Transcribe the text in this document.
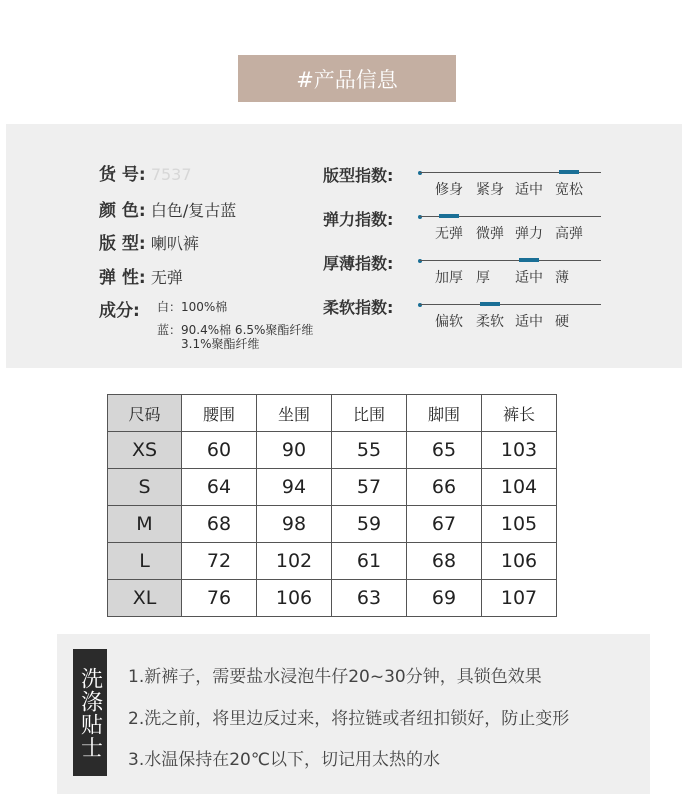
#产品信息
货 号: 7537
颜 色: 白色/复古蓝
版 型: 喇叭裤
弹 性: 无弹
成分: 白：100%棉
蓝：90.4%棉 6.5%聚酯纤维
3.1%聚酯纤维
版型指数:
修身 紧身 适中 宽松
弹力指数:
无弹 微弹 弹力 高弹
厚薄指数:
加厚 厚 适中 薄
柔软指数:
偏软 柔软 适中 硬
尺码	腰围	坐围	比围	脚围	裤长
XS	60	90	55	65	103
S	64	94	57	66	104
M	68	98	59	67	105
L	72	102	61	68	106
XL	76	106	63	69	107
洗涤贴士 1.新裤子，需要盐水浸泡牛仔20~30分钟，具锁色效果
2.洗之前，将里边反过来，将拉链或者纽扣锁好，防止变形
3.水温保持在20℃以下，切记用太热的水
